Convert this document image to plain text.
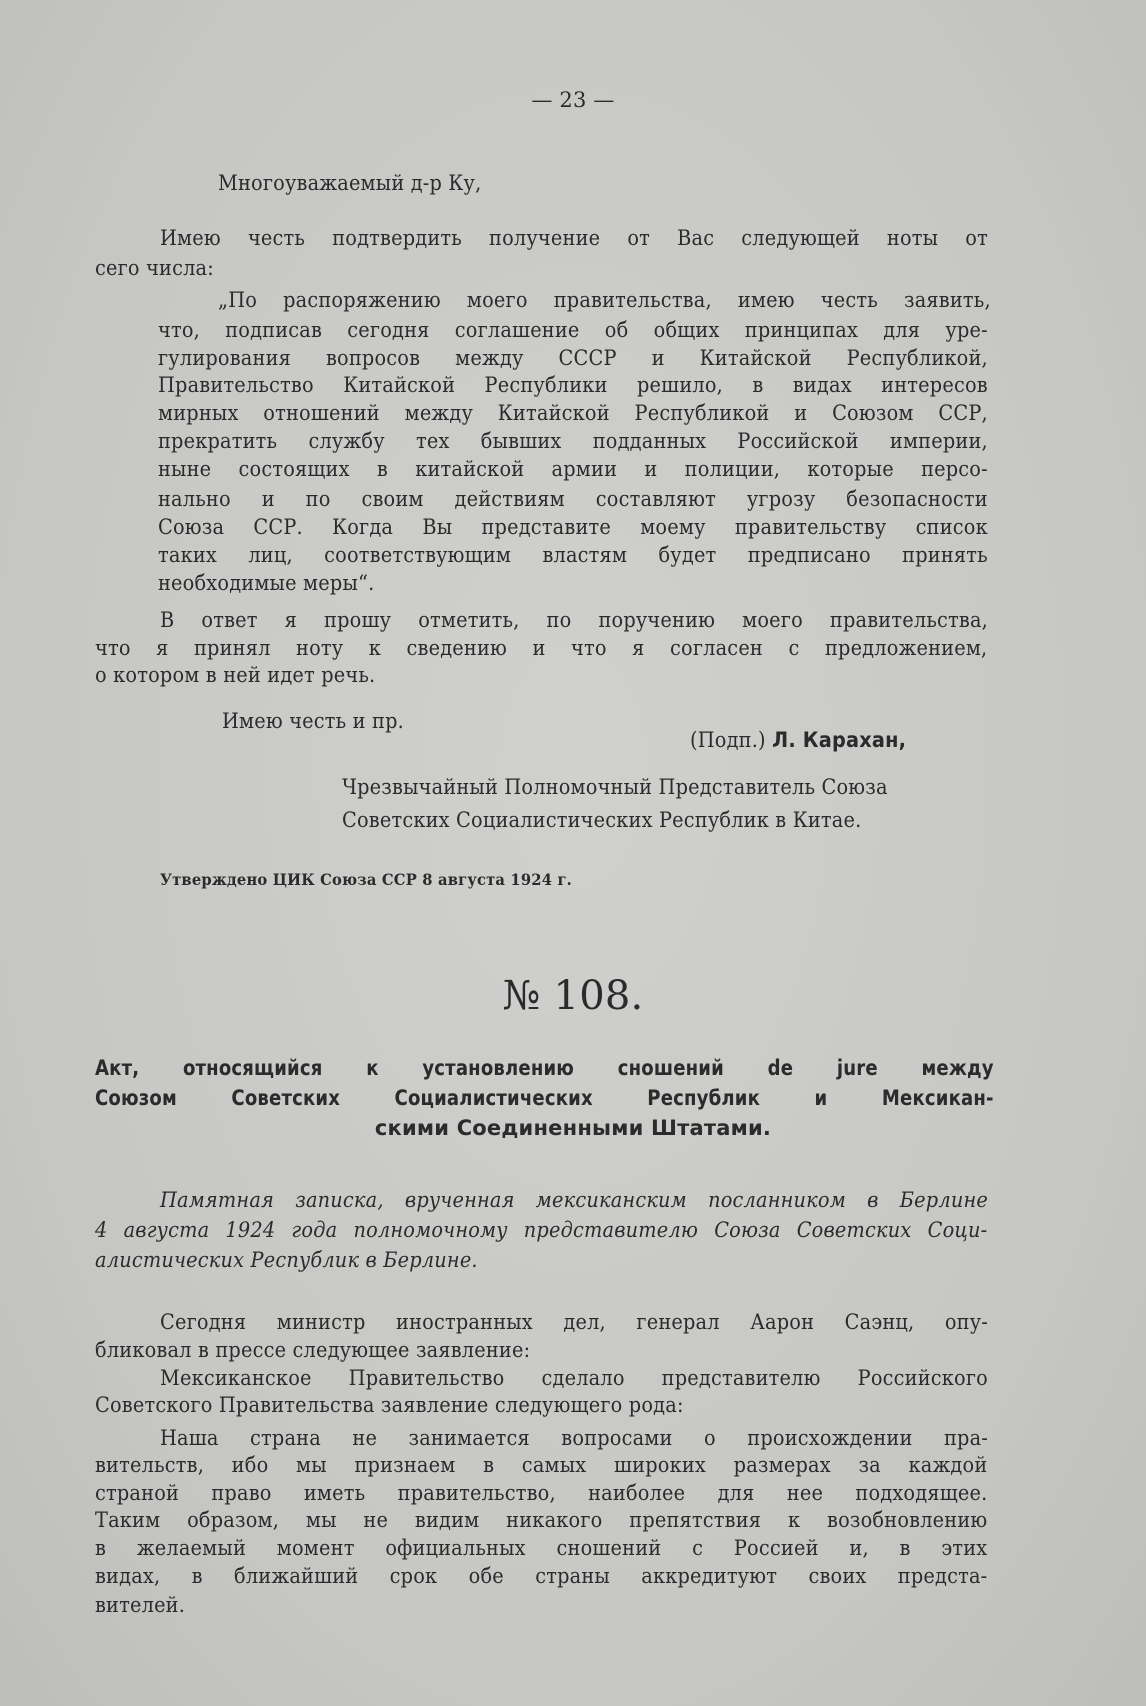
— 23 —
Многоуважаемый д-р Ку,
Имею честь подтвердить получение от Вас следующей ноты от
сего числа:
„По распоряжению моего правительства, имею честь заявить,
что, подписав сегодня соглашение об общих принципах для уре-
гулирования вопросов между СССР и Китайской Республикой,
Правительство Китайской Республики решило, в видах интересов
мирных отношений между Китайской Республикой и Союзом ССР,
прекратить службу тех бывших подданных Российской империи,
ныне состоящих в китайской армии и полиции, которые персо-
нально и по своим действиям составляют угрозу безопасности
Союза ССР. Когда Вы представите моему правительству список
таких лиц, соответствующим властям будет предписано принять
необходимые меры“.
В ответ я прошу отметить, по поручению моего правительства,
что я принял ноту к сведению и что я согласен с предложением,
о котором в ней идет речь.
Имею честь и пр.
(Подп.) Л. Карахан,
Чрезвычайный Полномочный Представитель Союза
Советских Социалистических Республик в Китае.
Утверждено ЦИК Союза ССР 8 августа 1924 г.
№ 108.
Акт, относящийся к установлению сношений de jure между
Союзом Советских Социалистических Республик и Мексикан-
скими Соединенными Штатами.
Памятная записка, врученная мексиканским посланником в Берлине
4 августа 1924 года полномочному представителю Союза Советских Соци-
алистических Республик в Берлине.
Сегодня министр иностранных дел, генерал Аарон Саэнц, опу-
бликовал в прессе следующее заявление:
Мексиканское Правительство сделало представителю Российского
Советского Правительства заявление следующего рода:
Наша страна не занимается вопросами о происхождении пра-
вительств, ибо мы признаем в самых широких размерах за каждой
страной право иметь правительство, наиболее для нее подходящее.
Таким образом, мы не видим никакого препятствия к возобновлению
в желаемый момент официальных сношений с Россией и, в этих
видах, в ближайший срок обе страны аккредитуют своих предста-
вителей.
